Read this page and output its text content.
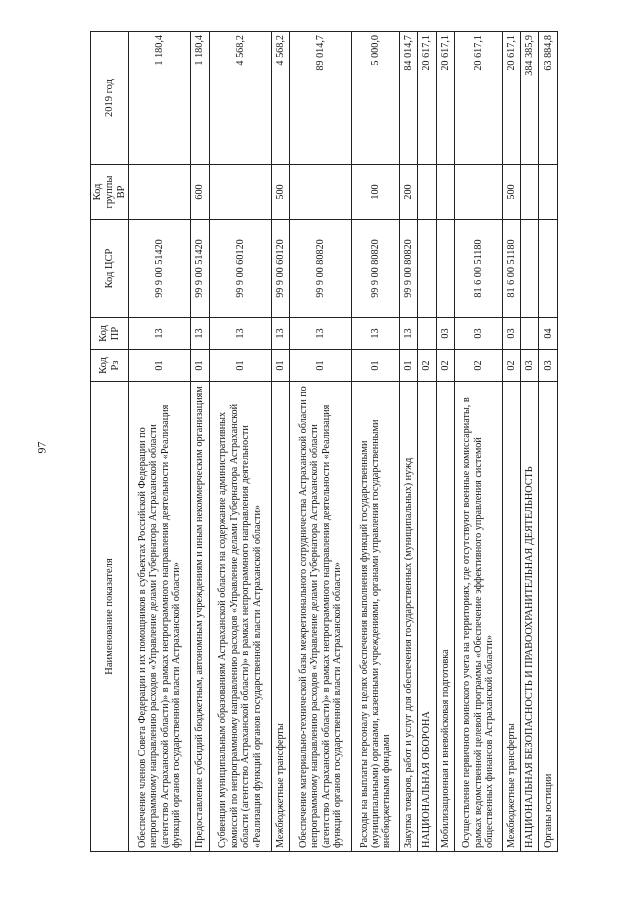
97
Наименование показателя	Код Рз	Код ПР	Код ЦСР	Код группы ВР	2019 год
Обеспечение членов Совета Федерации и их помощников в субъектах Российской Федерации по непрограммному направлению расходов «Управление делами Губернатора Астраханской области (агентство Астраханской области)» в рамках непрограммного направления деятельности «Реализация функций органов государственной власти Астраханской области»	01	13	99 9 00 51420		1 180,4
Предоставление субсидий бюджетным, автономным учреждениям и иным некоммерческим организациям	01	13	99 9 00 51420	600	1 180,4
Субвенции муниципальным образованиям Астраханской области на содержание административных комиссий по непрограммному направлению расходов «Управление делами Губернатора Астраханской области (агентство Астраханской области)» в рамках непрограммного направления деятельности «Реализация функций органов государственной власти Астраханской области»	01	13	99 9 00 60120		4 568,2
Межбюджетные трансферты	01	13	99 9 00 60120	500	4 568,2
Обеспечение материально-технической базы межрегионального сотрудничества Астраханской области по непрограммному направлению расходов «Управление делами Губернатора Астраханской области (агентство Астраханской области)» в рамках непрограммного направления деятельности «Реализация функций органов государственной власти Астраханской области»	01	13	99 9 00 80820		89 014,7
Расходы на выплаты персоналу в целях обеспечения выполнения функций государственными (муниципальными) органами, казенными учреждениями, органами управления государственными внебюджетными фондами	01	13	99 9 00 80820	100	5 000,0
Закупка товаров, работ и услуг для обеспечения государственных (муниципальных) нужд	01	13	99 9 00 80820	200	84 014,7
НАЦИОНАЛЬНАЯ ОБОРОНА	02				20 617,1
Мобилизационная и вневойсковая подготовка	02	03			20 617,1
Осуществление первичного воинского учета на территориях, где отсутствуют военные комиссариаты, в рамках ведомственной целевой программы «Обеспечение эффективного управления системой общественных финансов Астраханской области»	02	03	81 6 00 51180		20 617,1
Межбюджетные трансферты	02	03	81 6 00 51180	500	20 617,1
НАЦИОНАЛЬНАЯ БЕЗОПАСНОСТЬ И ПРАВООХРАНИТЕЛЬНАЯ ДЕЯТЕЛЬНОСТЬ	03				384 385,9
Органы юстиции	03	04			63 884,8
